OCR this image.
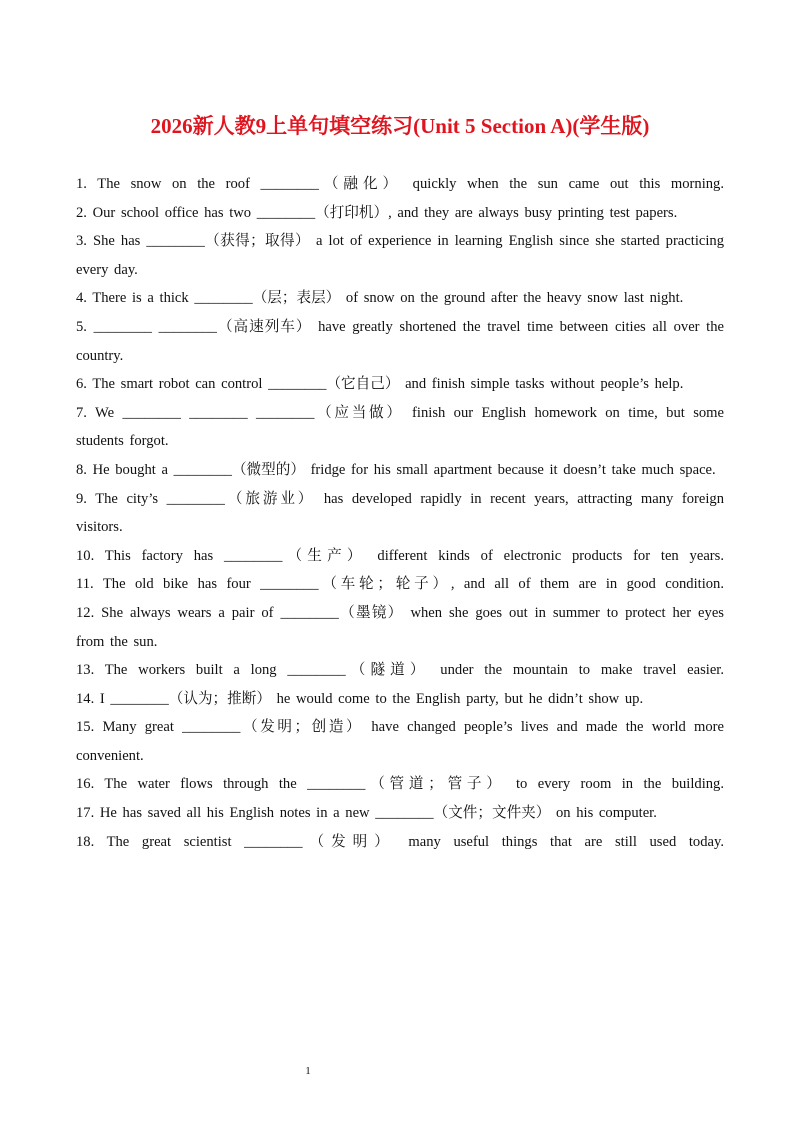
2026新人教9上单句填空练习(Unit 5 Section A)(学生版)
1. The snow on the roof ________（融化） quickly when the sun came out this morning.
2. Our school office has two ________（打印机）, and they are always busy printing test papers.
3. She has ________（获得；取得） a lot of experience in learning English since she started practicing every day.
4. There is a thick ________（层；表层） of snow on the ground after the heavy snow last night.
5. ________ ________（高速列车） have greatly shortened the travel time between cities all over the country.
6. The smart robot can control ________（它自己） and finish simple tasks without people’s help.
7. We ________ ________ ________（应当做） finish our English homework on time, but some students forgot.
8. He bought a ________（微型的） fridge for his small apartment because it doesn’t take much space.
9. The city’s ________（旅游业） has developed rapidly in recent years, attracting many foreign visitors.
10. This factory has ________（生产） different kinds of electronic products for ten years.
11. The old bike has four ________（车轮；轮子）, and all of them are in good condition.
12. She always wears a pair of ________（墨镜） when she goes out in summer to protect her eyes from the sun.
13. The workers built a long ________（隧道） under the mountain to make travel easier.
14. I ________（认为；推断） he would come to the English party, but he didn’t show up.
15. Many great ________（发明；创造） have changed people’s lives and made the world more convenient.
16. The water flows through the ________（管道；管子） to every room in the building.
17. He has saved all his English notes in a new ________（文件；文件夹） on his computer.
18. The great scientist ________（发明） many useful things that are still used today.
1
